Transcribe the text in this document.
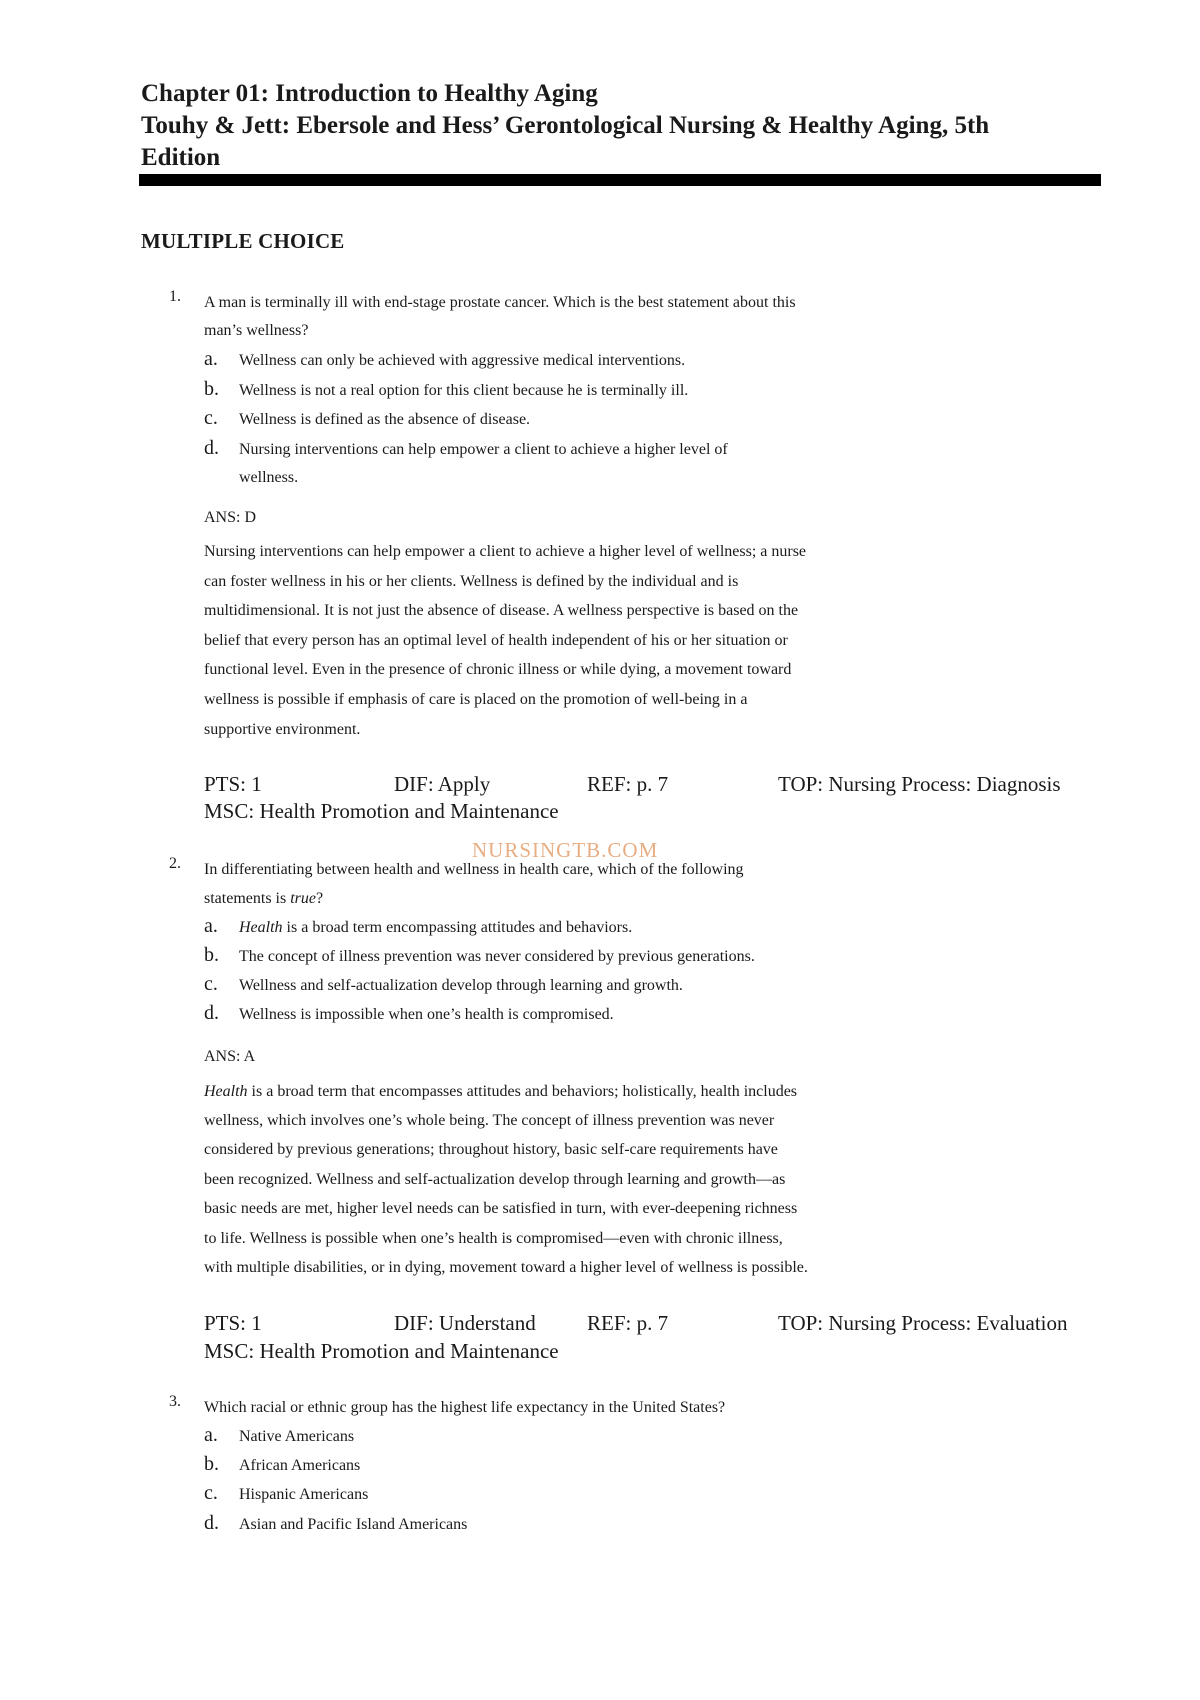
Chapter 01: Introduction to Healthy Aging
Touhy & Jett: Ebersole and Hess’ Gerontological Nursing & Healthy Aging, 5th
Edition
MULTIPLE CHOICE
1.	A man is terminally ill with end-stage prostate cancer. Which is the best statement about this
man’s wellness?
a.	Wellness can only be achieved with aggressive medical interventions.
b.	Wellness is not a real option for this client because he is terminally ill.
c.	Wellness is defined as the absence of disease.
d.	Nursing interventions can help empower a client to achieve a higher level of
wellness.
ANS: D
Nursing interventions can help empower a client to achieve a higher level of wellness; a nurse
can foster wellness in his or her clients. Wellness is defined by the individual and is
multidimensional. It is not just the absence of disease. A wellness perspective is based on the
belief that every person has an optimal level of health independent of his or her situation or
functional level. Even in the presence of chronic illness or while dying, a movement toward
wellness is possible if emphasis of care is placed on the promotion of well-being in a
supportive environment.
PTS: 1	DIF: Apply	REF: p. 7	TOP: Nursing Process: Diagnosis
MSC: Health Promotion and Maintenance
NURSINGTB.COM
2.	In differentiating between health and wellness in health care, which of the following
statements is true?
a.	Health is a broad term encompassing attitudes and behaviors.
b.	The concept of illness prevention was never considered by previous generations.
c.	Wellness and self-actualization develop through learning and growth.
d.	Wellness is impossible when one’s health is compromised.
ANS: A
Health is a broad term that encompasses attitudes and behaviors; holistically, health includes
wellness, which involves one’s whole being. The concept of illness prevention was never
considered by previous generations; throughout history, basic self-care requirements have
been recognized. Wellness and self-actualization develop through learning and growth—as
basic needs are met, higher level needs can be satisfied in turn, with ever-deepening richness
to life. Wellness is possible when one’s health is compromised—even with chronic illness,
with multiple disabilities, or in dying, movement toward a higher level of wellness is possible.
PTS: 1	DIF: Understand REF: p. 7	TOP: Nursing Process: Evaluation
MSC: Health Promotion and Maintenance
3.	Which racial or ethnic group has the highest life expectancy in the United States?
a.	Native Americans
b.	African Americans
c.	Hispanic Americans
d.	Asian and Pacific Island Americans
